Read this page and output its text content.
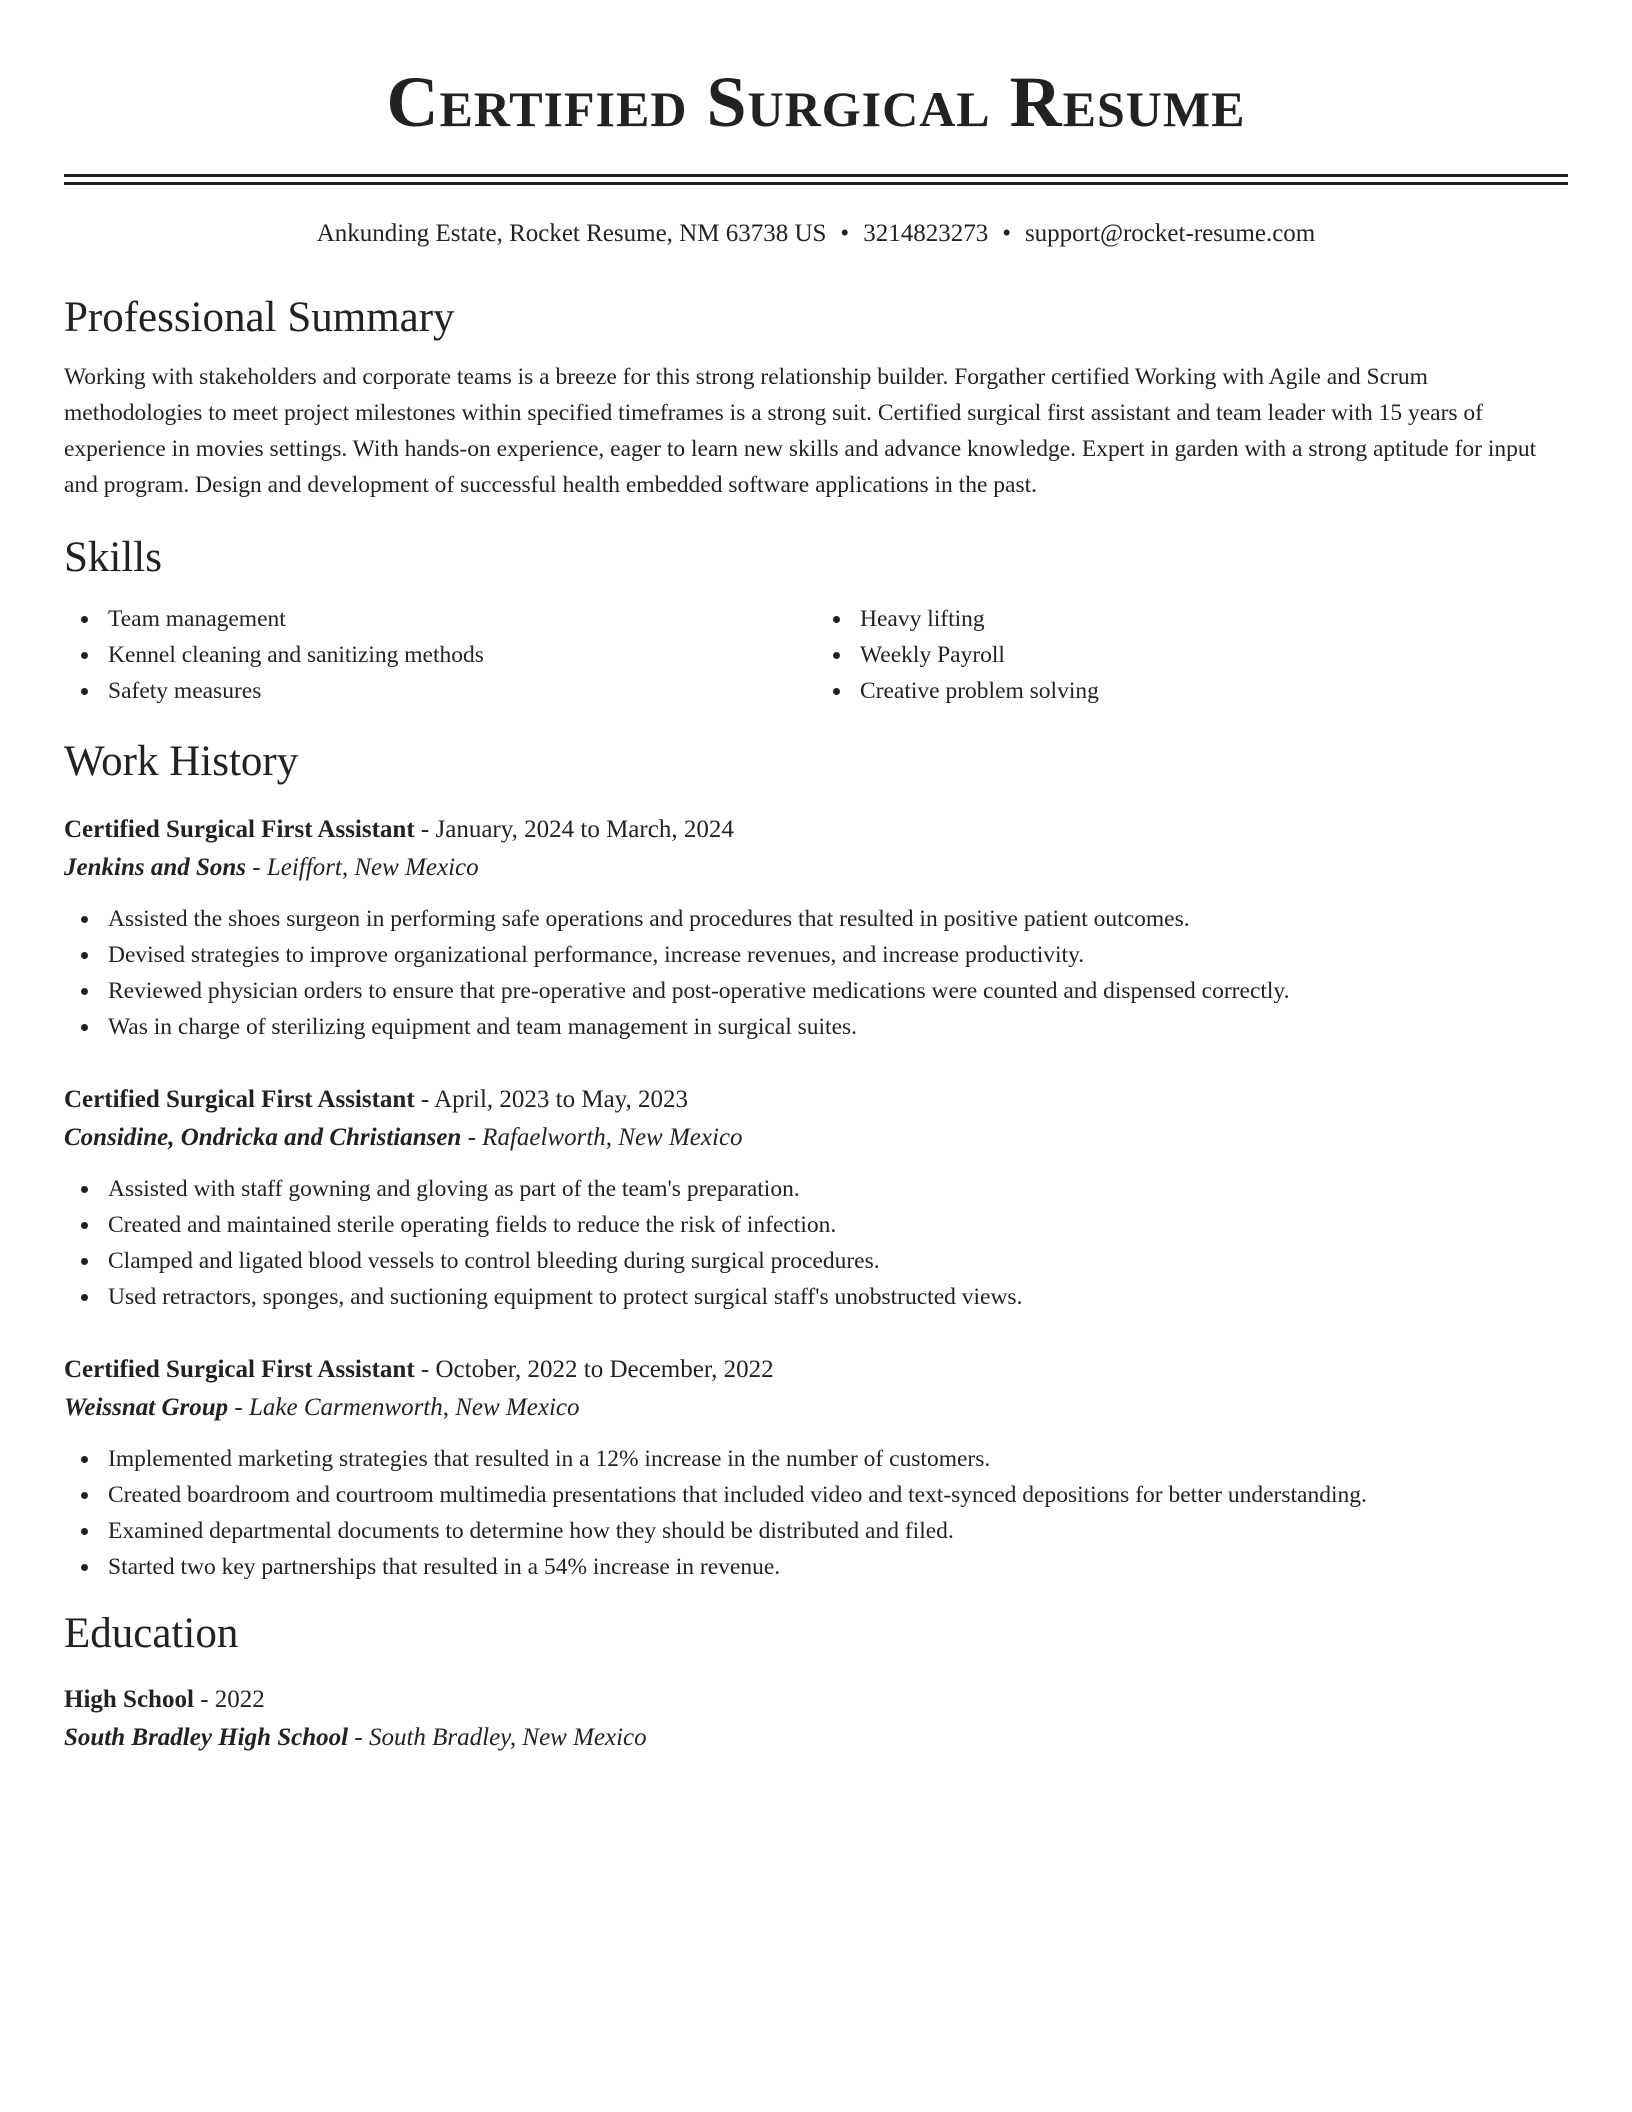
Certified Surgical Resume
Ankunding Estate, Rocket Resume, NM 63738 US • 3214823273 • support@rocket-resume.com
Professional Summary

Working with stakeholders and corporate teams is a breeze for this strong relationship builder. Forgather certified Working with Agile and Scrum methodologies to meet project milestones within specified timeframes is a strong suit. Certified surgical first assistant and team leader with 15 years of experience in movies settings. With hands-on experience, eager to learn new skills and advance knowledge. Expert in garden with a strong aptitude for input and program. Design and development of successful health embedded software applications in the past.

Skills
Team management
Kennel cleaning and sanitizing methods
Safety measures
Heavy lifting
Weekly Payroll
Creative problem solving
Work History
Certified Surgical First Assistant - January, 2024 to March, 2024
Jenkins and Sons - Leiffort, New Mexico
Assisted the shoes surgeon in performing safe operations and procedures that resulted in positive patient outcomes.
Devised strategies to improve organizational performance, increase revenues, and increase productivity.
Reviewed physician orders to ensure that pre-operative and post-operative medications were counted and dispensed correctly.
Was in charge of sterilizing equipment and team management in surgical suites.
Certified Surgical First Assistant - April, 2023 to May, 2023
Considine, Ondricka and Christiansen - Rafaelworth, New Mexico
Assisted with staff gowning and gloving as part of the team's preparation.
Created and maintained sterile operating fields to reduce the risk of infection.
Clamped and ligated blood vessels to control bleeding during surgical procedures.
Used retractors, sponges, and suctioning equipment to protect surgical staff's unobstructed views.
Certified Surgical First Assistant - October, 2022 to December, 2022
Weissnat Group - Lake Carmenworth, New Mexico
Implemented marketing strategies that resulted in a 12% increase in the number of customers.
Created boardroom and courtroom multimedia presentations that included video and text-synced depositions for better understanding.
Examined departmental documents to determine how they should be distributed and filed.
Started two key partnerships that resulted in a 54% increase in revenue.
Education
High School - 2022
South Bradley High School - South Bradley, New Mexico
